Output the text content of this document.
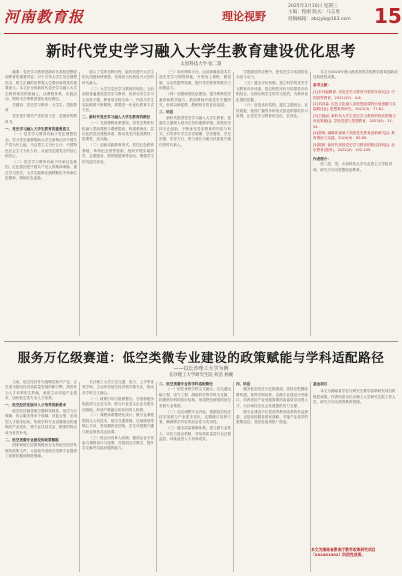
河南教育报	理论视野
2025年3月10日 星期三
主编：程刚 版式：马志勇
投稿邮箱：abcjyb@163.com 15
新时代党史学习融入大学生教育建设优化思考
太原科技大学 张二嵩

摘要：党史学习教育是新时代高校思想政治教育的重要内容，对于引导大学生坚定理想信念、树立正确的世界观人生观价值观具有重要意义。本文在分析新时代党史学习融入大学生教育现状的基础上，从课程体系、实践活动、网络平台等维度提出优化路径。

关键词：党史学习教育；大学生；思政教育

党史是中国共产党的奋斗史，是最好的教科书。

一、党史学习融入大学生教育的重要意义

（一）党史学习教育有助于坚定理想信念。学习党史能够帮助大学生深刻认识中国共产党为什么能、马克思主义为什么行、中国特色社会主义为什么好，从而坚定跟党走的信心和决心。

（二）党史学习教育有助于传承红色基因。红色基因是中国共产党人的精神命脉，通过学习党史，大学生能够在潜移默化中传承红色精神，赓续红色血脉。

展示了党的光辉历程，能有效提升大学生的认同感和使命感，培养担当民族复兴大任的时代新人。

（二）大学生党史学习教育的现状。当前高校普遍重视党史学习教育，但部分学生学习主动性不强，教育形式较为单一，内容与学生实际联系不够紧密，需要进一步优化教育方式方法。

二、新时代党史学习融入大学生教育的路径

（一）完善课程体系建设。将党史教育有机融入思政课程与课程思政，构建系统化、层次化的党史课程体系，推动党史内容进教材、进课堂、进头脑。

（二）创新实践教育形式。依托红色教育基地、革命纪念馆等资源，组织开展实地研学、志愿服务、情景剧展演等活动，增强学生的沉浸式体验。

（三）用好网络平台。运用新媒体技术打造党史学习网络阵地，开发线上课程、微视频、互动答题等资源，提升党史教育的吸引力和感染力。

（四）加强师资队伍建设。提升教师党史素养和教学能力，鼓励教师开展党史专题研究，形成以研促教、教研相长的良好局面。

三、结语

新时代推进党史学习融入大学生教育，是落实立德树人根本任务的重要举措。高校应坚持守正创新，不断优化党史教育的内容与形式，引导青年学生学史明理、学史增信、学史崇德、学史力行，努力成长为堪当民族复兴重任的时代新人。

学思践悟的过程中，把党史学习成果转化为奋斗动力。

（五）健全评价机制。建立科学的党史学习教育评价体系，将过程性评价与结果性评价相结合，全面反映学生的学习成效，为教育优化提供依据。

（六）营造良好氛围。通过主题班会、宣传展板、校园广播等多种形式营造浓厚的学习氛围，让党史学习教育常态化、长效化。

本文为2024年度山西省高等学校教学改革创新项目阶段性成果。

参考文献：

[1]本刊编辑部. 用党史学习教育引领青年成长[J]. 中国高等教育，2021(12)：4-6.

[2]刘洪森. 红色文化融入高校思政课的价值意蕴与实践路径[J]. 思想教育研究，2022(3)：77-81.

[3]王晓丽. 新时代大学生党史学习教育的现实困境与优化策略[J]. 学校党建与思想教育，2023(5)：51-54.

[4]张明. 融媒体视域下高校党史教育创新研究[J]. 教育理论与实践，2024(9)：62-65.

[5]陈晨. 新时代高校党史学习教育的路径探析[J]. 北京教育(德育)，2022(4)：102-105.

作者简介：

张二嵩，男，太原科技大学马克思主义学院讲师，研究方向为思想政治教育。

服务万亿级赛道：低空类微专业建设的政策赋能与学科适配路径
——以长沙理工大学为例
长沙理工大学研究生院 何浩 杨婉

当前，低空经济作为战略性新兴产业，正在成为推动经济高质量发展的新引擎。高校作为人才培养的主阵地，亟须主动对接产业需求，加快低空类专业人才培养。

一、低空经济发展对人才培养的新要求

低空经济涵盖航空器研发制造、低空飞行保障、综合服务等多个领域，对复合型、应用型人才需求迫切。传统学科专业设置难以快速响应产业变化，微专业以其灵活、精准的特点成为有效补充。

二、低空类微专业建设的政策赋能

国家和地方层面相继出台支持低空经济发展的政策文件，为高校开设低空类微专业提供了政策依据和制度保障。

长沙理工大学立足交通、电力、土木等优势学科，主动布局低空经济相关微专业，推动多学科交叉融合。

（一）政策引导与资源整合。学校积极争取政府与企业支持，联合行业龙头企业共建实训基地，形成产教融合的协同育人机制。

（二）课程体系模块化设计。微专业课程围绕无人机技术、低空交通管理、空域规划等核心方向，采用模块化结构，学生可根据兴趣与职业规划灵活选课。

（三）校企协同育人机制。邀请企业专家参与课程设计与授课，开展项目式教学，提升学生解决实际问题的能力。

三、低空类微专业的学科适配路径

（一）依托优势学科交叉融合。以交通运输工程、电气工程、测绘科学等学科为支撑，构建跨学科的知识结构，形成特色鲜明的低空类微专业集群。

（二）动态调整专业内容。根据低空经济技术发展与产业需求变化，定期修订培养方案，确保教学内容的前沿性与实用性。

（三）健全质量保障体系。建立微专业准入、评估与退出机制，对培养质量进行全过程监控，持续改进人才培养成效。

四、结语

服务低空经济万亿级赛道，高校应把握政策机遇，发挥学科优势，以微专业建设为突破口，培养适应产业发展需要的高素质应用型人才，为区域经济社会发展提供有力支撑。

微专业建设不仅是高等教育改革的有益探索，也是高校服务国家战略、对接产业需求的重要途径，其经验值得推广借鉴。

基金项目

本文为湖南省学位与研究生教学改革研究项目阶段性成果。作者何浩为长沙理工大学研究生院工作人员，研究方向为高等教育管理。

本文为湖南省教育厅教学改革研究项目（202401002）阶段性成果。
